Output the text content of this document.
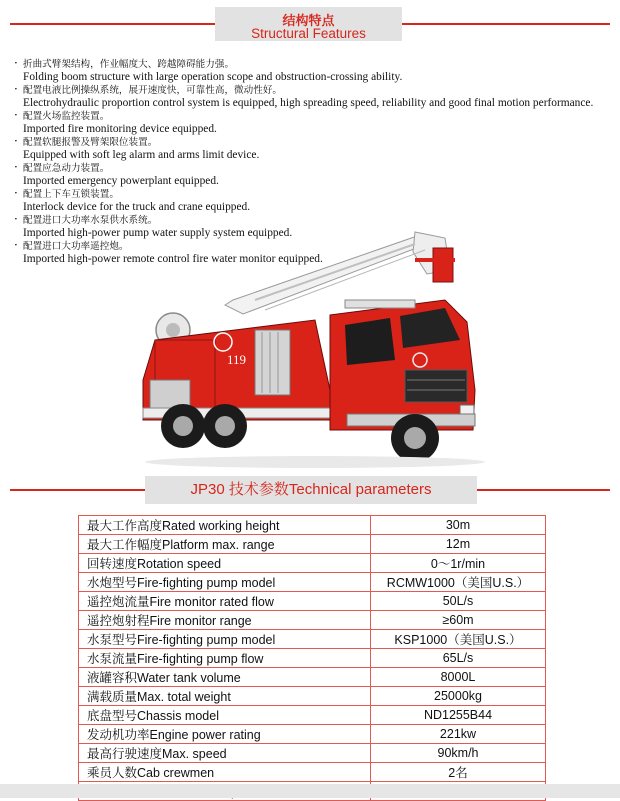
结构特点
Structural Features
· 折曲式臂架结构，作业幅度大、跨越障碍能力强。
Folding boom structure with large operation scope and obstruction-crossing ability.
· 配置电液比例操纵系统，展开速度快，可靠性高，微动性好。
Electrohydraulic proportion control system is equipped, high spreading speed, reliability and good final motion performance.
· 配置火场监控装置。
Imported fire monitoring device equipped.
· 配置软腿报警及臂架限位装置。
Equipped with soft leg alarm and arms limit device.
· 配置应急动力装置。
Imported emergency powerplant equipped.
· 配置上下车互锁装置。
Interlock device for the truck and crane equipped.
· 配置进口大功率水泵供水系统。
Imported high-power pump water supply system equipped.
· 配置进口大功率遥控炮。
Imported high-power remote control fire water monitor equipped.
119
JP30 技术参数Technical parameters
最大工作高度Rated working height	30m
最大工作幅度Platform max. range	12m
回转速度Rotation speed	0～1r/min
水炮型号Fire-fighting pump model	RCMW1000（美国U.S.）
遥控炮流量Fire monitor rated flow	50L/s
遥控炮射程Fire monitor range	≥60m
水泵型号Fire-fighting pump model	KSP1000（美国U.S.）
水泵流量Fire-fighting pump flow	65L/s
液罐容积Water tank volume	8000L
满载质量Max. total weight	25000kg
底盘型号Chassis model	ND1255B44
发动机功率Engine power rating	221kw
最高行驶速度Max. speed	90km/h
乘员人数Cab crewmen	2名
